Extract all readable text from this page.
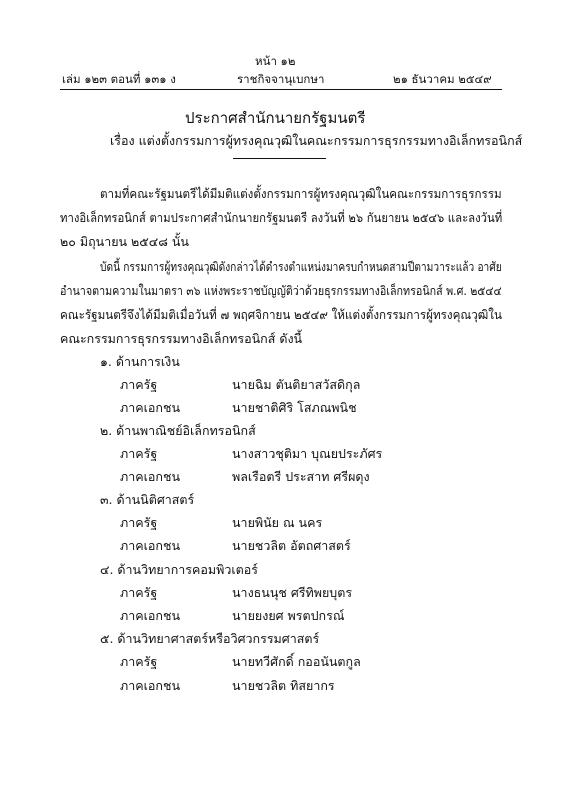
หน้า ๑๒
เล่ม ๑๒๓ ตอนที่ ๑๓๑ ง	ราชกิจจานุเบกษา	๒๑ ธันวาคม ๒๕๔๙
ประกาศสำนักนายกรัฐมนตรี
เรื่อง แต่งตั้งกรรมการผู้ทรงคุณวุฒิในคณะกรรมการธุรกรรมทางอิเล็กทรอนิกส์
ตามที่คณะรัฐมนตรีได้มีมติแต่งตั้งกรรมการผู้ทรงคุณวุฒิในคณะกรรมการธุรกรรม
ทางอิเล็กทรอนิกส์ ตามประกาศสำนักนายกรัฐมนตรี ลงวันที่ ๒๖ กันยายน ๒๕๔๖ และลงวันที่
๒๐ มิถุนายน ๒๕๔๘ นั้น
บัดนี้ กรรมการผู้ทรงคุณวุฒิดังกล่าวได้ดำรงตำแหน่งมาครบกำหนดสามปีตามวาระแล้ว อาศัย
อำนาจตามความในมาตรา ๓๖ แห่งพระราชบัญญัติว่าด้วยธุรกรรมทางอิเล็กทรอนิกส์ พ.ศ. ๒๕๔๔
คณะรัฐมนตรีจึงได้มีมติเมื่อวันที่ ๗ พฤศจิกายน ๒๕๔๙ ให้แต่งตั้งกรรมการผู้ทรงคุณวุฒิใน
คณะกรรมการธุรกรรมทางอิเล็กทรอนิกส์ ดังนี้
๑. ด้านการเงิน
ภาครัฐ	นายฉิม ตันติยาสวัสดิกุล
ภาคเอกชน	นายชาติศิริ โสภณพนิช
๒. ด้านพาณิชย์อิเล็กทรอนิกส์
ภาครัฐ	นางสาวชุติมา บุณยประภัศร
ภาคเอกชน	พลเรือตรี ประสาท ศรีผดุง
๓. ด้านนิติศาสตร์
ภาครัฐ	นายพินัย ณ นคร
ภาคเอกชน	นายชวลิต อัตถศาสตร์
๔. ด้านวิทยาการคอมพิวเตอร์
ภาครัฐ	นางธนนุช ศรีทิพยบุตร
ภาคเอกชน	นายยงยศ พรตปกรณ์
๕. ด้านวิทยาศาสตร์หรือวิศวกรรมศาสตร์
ภาครัฐ	นายทวีศักดิ์ กออนันตกูล
ภาคเอกชน	นายชวลิต ทิสยากร
